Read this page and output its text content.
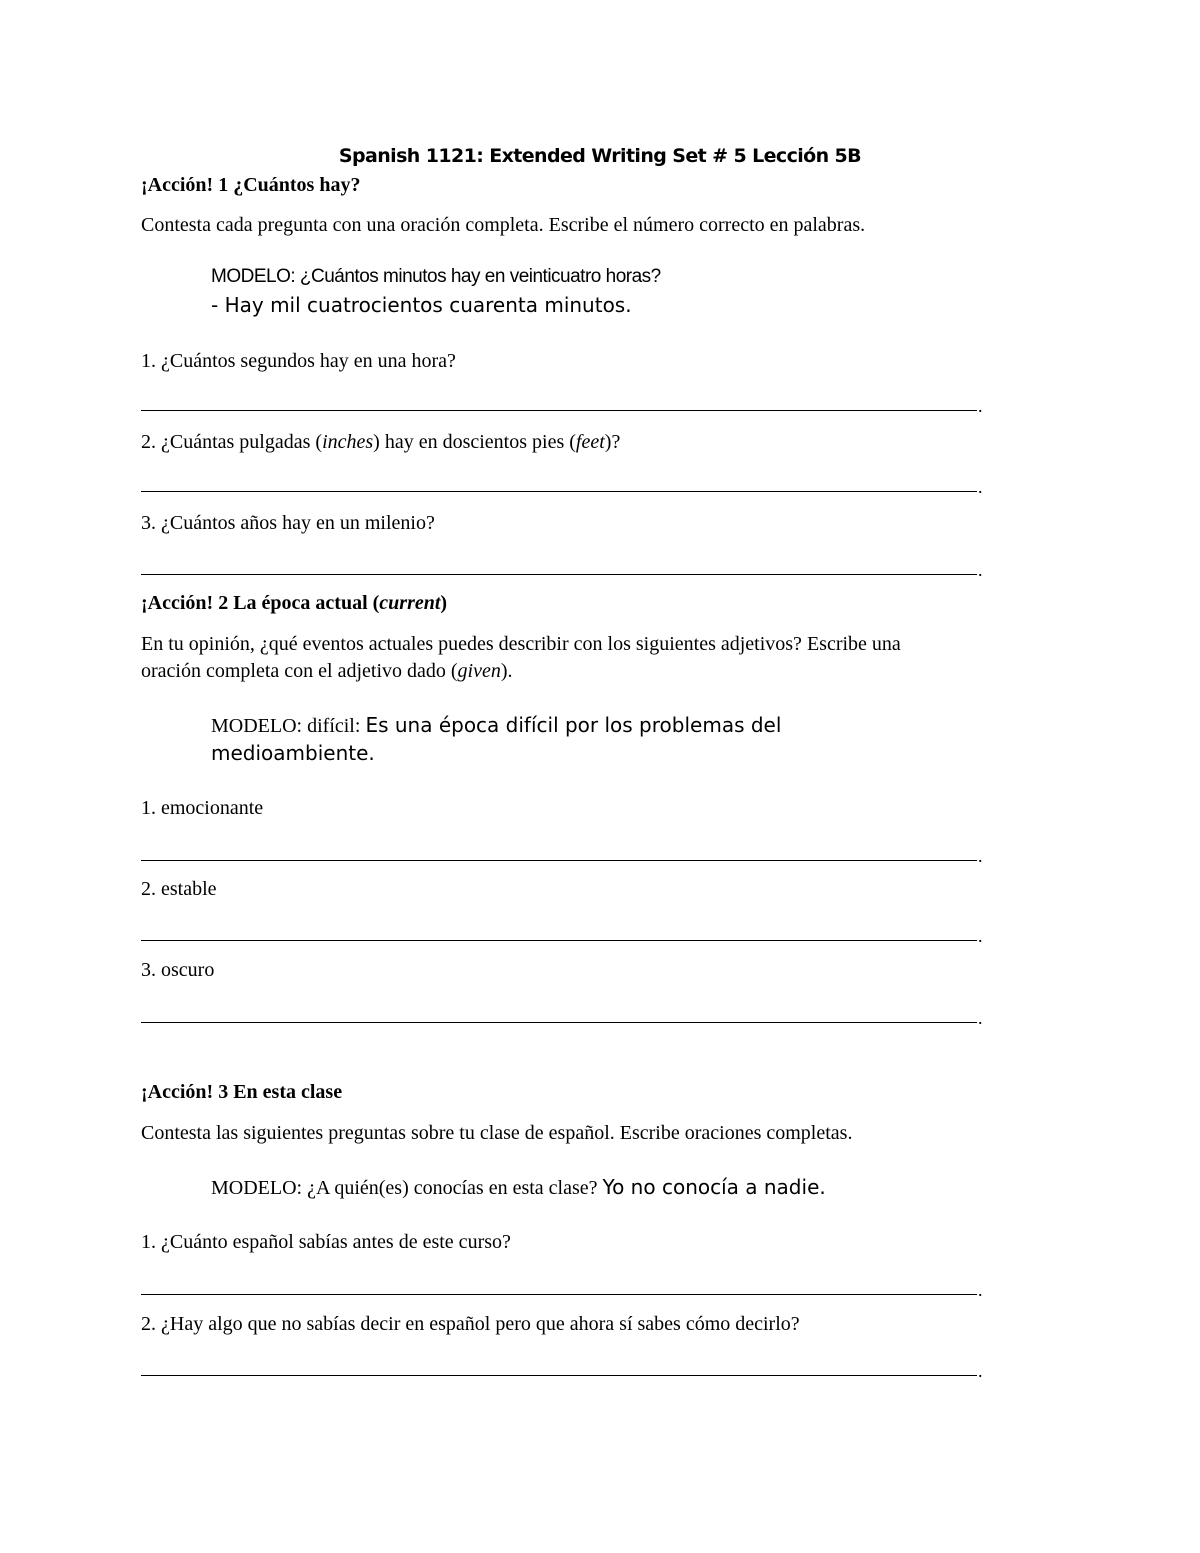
Spanish 1121: Extended Writing Set # 5 Lección 5B
¡Acción! 1 ¿Cuántos hay?
Contesta cada pregunta con una oración completa. Escribe el número correcto en palabras.
MODELO: ¿Cuántos minutos hay en veinticuatro horas?
- Hay mil cuatrocientos cuarenta minutos.
1. ¿Cuántos segundos hay en una hora?
.
2. ¿Cuántas pulgadas (inches) hay en doscientos pies (feet)?
.
3. ¿Cuántos años hay en un milenio?
.
¡Acción! 2 La época actual (current)
En tu opinión, ¿qué eventos actuales puedes describir con los siguientes adjetivos? Escribe una
oración completa con el adjetivo dado (given).
MODELO: difícil: Es una época difícil por los problemas del
medioambiente.
1. emocionante
.
2. estable
.
3. oscuro
.
¡Acción! 3 En esta clase
Contesta las siguientes preguntas sobre tu clase de español. Escribe oraciones completas.
MODELO: ¿A quién(es) conocías en esta clase? Yo no conocía a nadie.
1. ¿Cuánto español sabías antes de este curso?
.
2. ¿Hay algo que no sabías decir en español pero que ahora sí sabes cómo decirlo?
.
